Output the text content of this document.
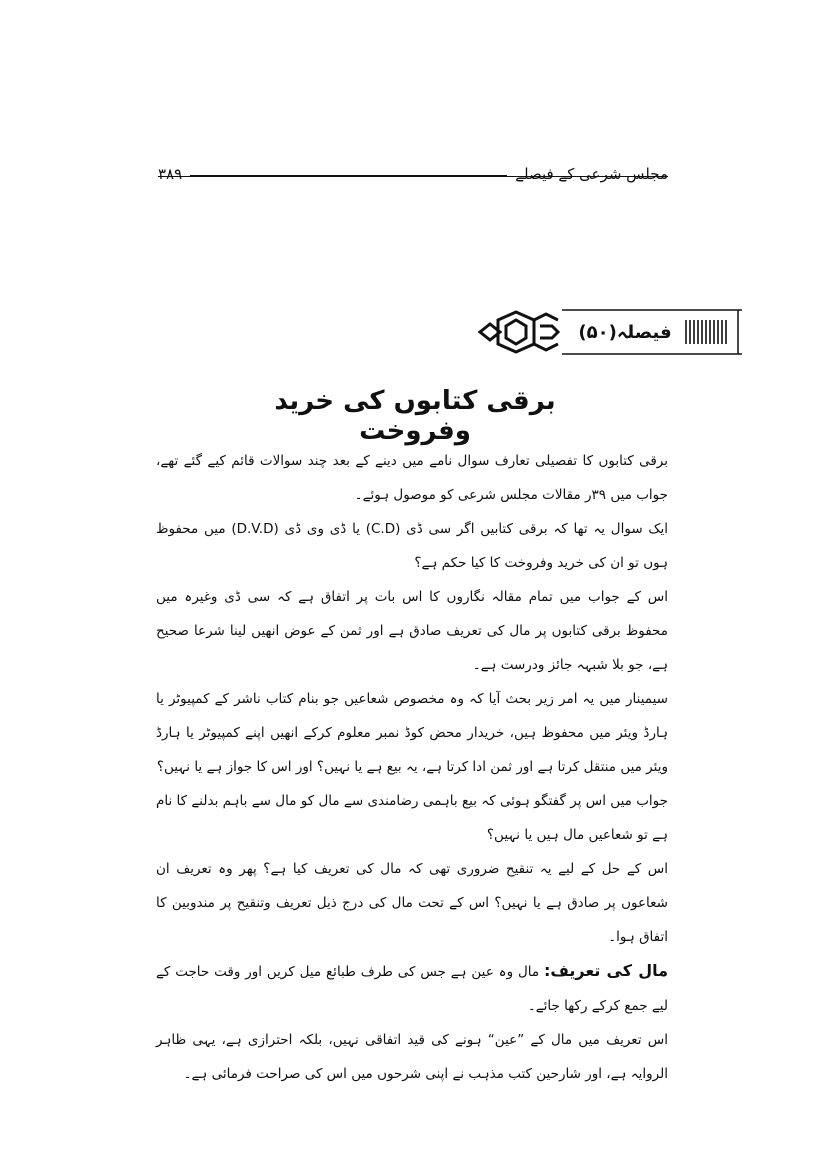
مجلس شرعی کے فیصلے
۳۸۹
فیصلہ(۵۰)
برقی کتابوں کی خرید وفروخت

برقی کتابوں کا تفصیلی تعارف سوال نامے میں دینے کے بعد چند سوالات قائم کیے گئے تھے، جواب میں ۳۹ر مقالات مجلس شرعی کو موصول ہوئے۔

ایک سوال یہ تھا کہ برقی کتابیں اگر سی ڈی (C.D) یا ڈی وی ڈی (D.V.D) میں محفوظ ہوں تو ان کی خرید وفروخت کا کیا حکم ہے؟

اس کے جواب میں تمام مقالہ نگاروں کا اس بات پر اتفاق ہے کہ سی ڈی وغیرہ میں محفوظ برقی کتابوں پر مال کی تعریف صادق ہے اور ثمن کے عوض انھیں لینا شرعا صحیح ہے، جو بلا شبہہ جائز ودرست ہے۔

سیمینار میں یہ امر زیر بحث آیا کہ وہ مخصوص شعاعیں جو بنام کتاب ناشر کے کمپیوٹر یا ہارڈ ویئر میں محفوظ ہیں، خریدار محض کوڈ نمبر معلوم کرکے انھیں اپنے کمپیوٹر یا ہارڈ ویئر میں منتقل کرتا ہے اور ثمن ادا کرتا ہے، یہ بیع ہے یا نہیں؟ اور اس کا جواز ہے یا نہیں؟

جواب میں اس پر گفتگو ہوئی کہ بیع باہمی رضامندی سے مال کو مال سے باہم بدلنے کا نام ہے تو شعاعیں مال ہیں یا نہیں؟

اس کے حل کے لیے یہ تنقیح ضروری تھی کہ مال کی تعریف کیا ہے؟ پھر وہ تعریف ان شعاعوں پر صادق ہے یا نہیں؟ اس کے تحت مال کی درج ذیل تعریف وتنقیح پر مندوبین کا اتفاق ہوا۔

مال کی تعریف: مال وہ عین ہے جس کی طرف طبائع میل کریں اور وقت حاجت کے لیے جمع کرکے رکھا جائے۔

اس تعریف میں مال کے ”عین“ ہونے کی قید اتفاقی نہیں، بلکہ احترازی ہے، یہی ظاہر الروایہ ہے، اور شارحین کتب مذہب نے اپنی شرحوں میں اس کی صراحت فرمائی ہے۔
